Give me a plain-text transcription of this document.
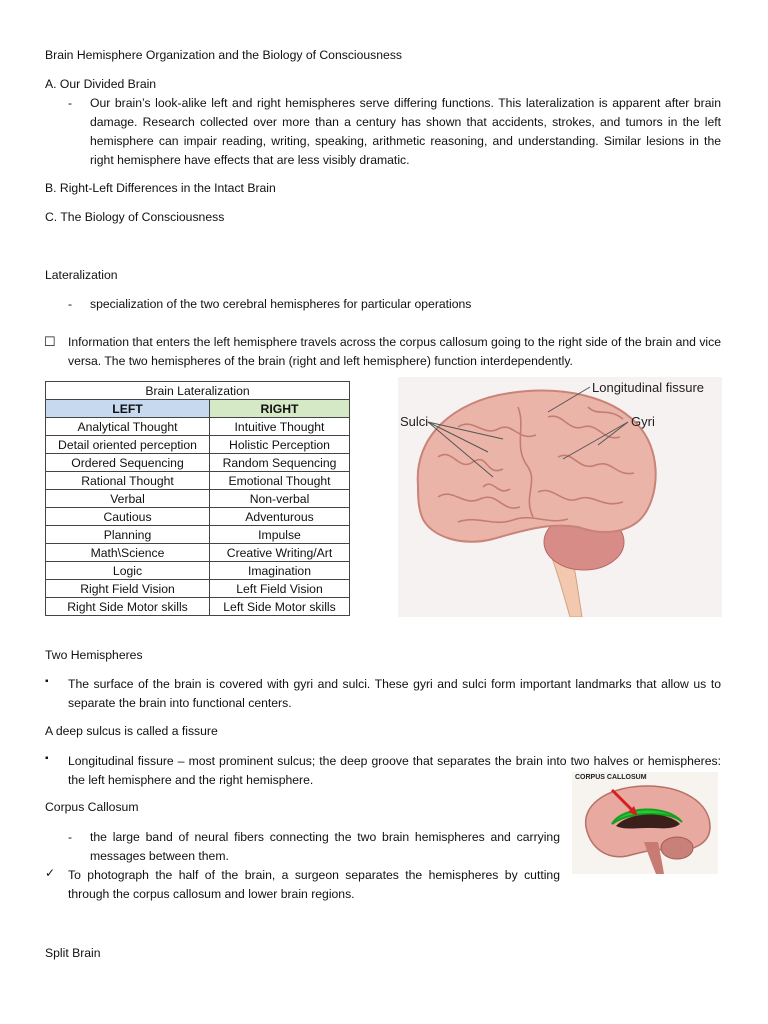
Brain Hemisphere Organization and the Biology of Consciousness
A. Our Divided Brain
- Our brain’s look-alike left and right hemispheres serve differing functions. This lateralization is apparent after brain damage. Research collected over more than a century has shown that accidents, strokes, and tumors in the left hemisphere can impair reading, writing, speaking, arithmetic reasoning, and understanding. Similar lesions in the right hemisphere have effects that are less visibly dramatic.
B. Right-Left Differences in the Intact Brain
C. The Biology of Consciousness
Lateralization
- specialization of the two cerebral hemispheres for particular operations
☐ Information that enters the left hemisphere travels across the corpus callosum going to the right side of the brain and vice versa. The two hemispheres of the brain (right and left hemisphere) function interdependently.
Brain Lateralization	
LEFT	RIGHT
Analytical Thought	Intuitive Thought
Detail oriented perception	Holistic Perception
Ordered Sequencing	Random Sequencing
Rational Thought	Emotional Thought
Verbal	Non-verbal
Cautious	Adventurous
Planning	Impulse
Math\Science	Creative Writing/Art
Logic	Imagination
Right Field Vision	Left Field Vision
Right Side Motor skills	Left Side Motor skills
Longitudinal fissure
Sulci	Gyri
Two Hemispheres
▪ The surface of the brain is covered with gyri and sulci. These gyri and sulci form important landmarks that allow us to separate the brain into functional centers.
A deep sulcus is called a fissure
▪ Longitudinal fissure – most prominent sulcus; the deep groove that separates the brain into two halves or hemispheres: the left hemisphere and the right hemisphere.
Corpus Callosum
- the large band of neural fibers connecting the two brain hemispheres and carrying messages between them.
✓ To photograph the half of the brain, a surgeon separates the hemispheres by cutting through the corpus callosum and lower brain regions.
CORPUS CALLOSUM
Split Brain
